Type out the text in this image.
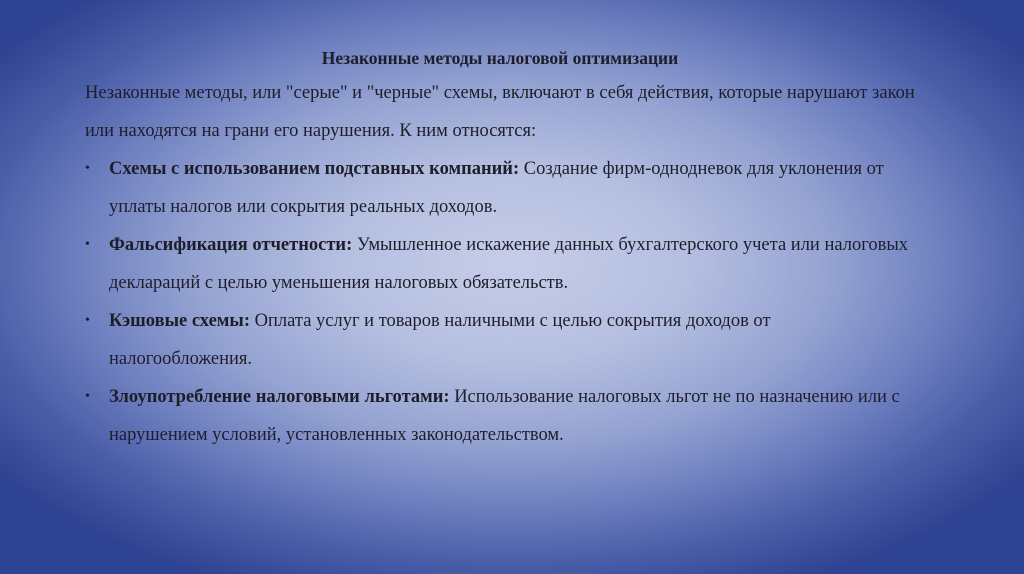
Незаконные методы налоговой оптимизации

Незаконные методы, или "серые" и "черные" схемы, включают в себя действия, которые нарушают закон или находятся на грани его нарушения. К ним относятся:

• Схемы с использованием подставных компаний: Создание фирм-однодневок для уклонения от уплаты налогов или сокрытия реальных доходов.
• Фальсификация отчетности: Умышленное искажение данных бухгалтерского учета или налоговых деклараций с целью уменьшения налоговых обязательств.
• Кэшовые схемы: Оплата услуг и товаров наличными с целью сокрытия доходов от налогообложения.
• Злоупотребление налоговыми льготами: Использование налоговых льгот не по назначению или с нарушением условий, установленных законодательством.
